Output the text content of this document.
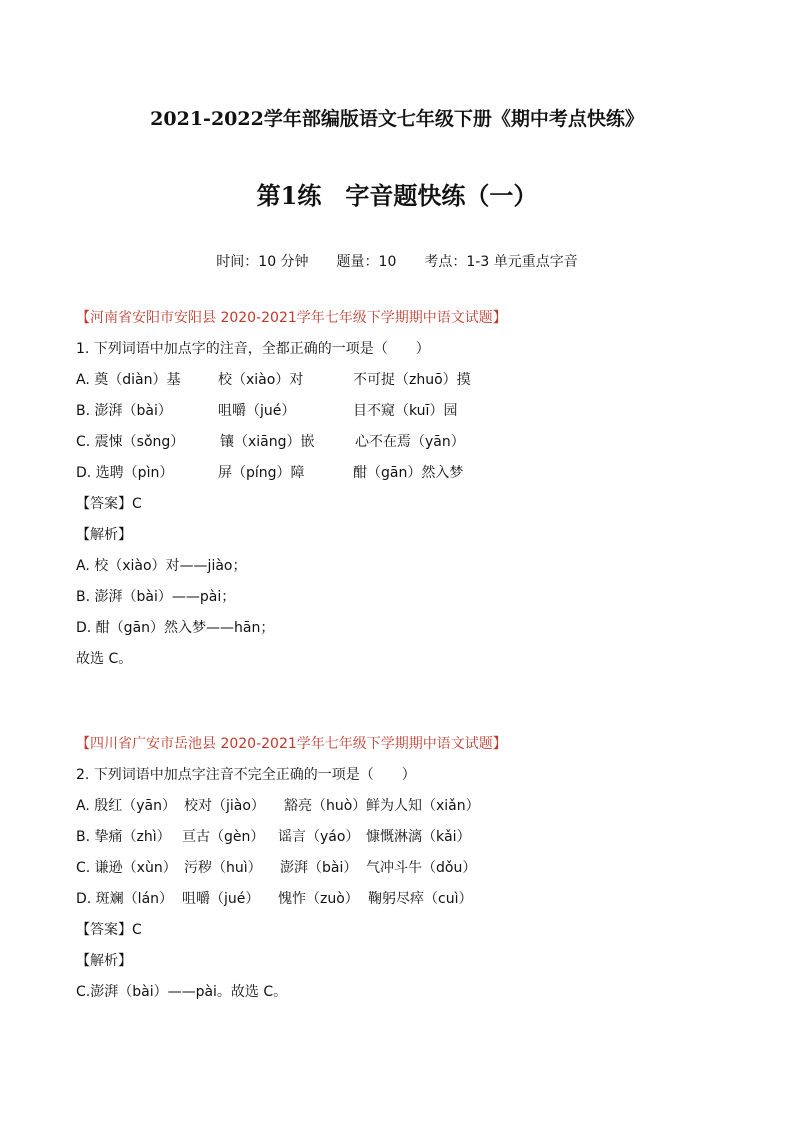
2021-2022学年部编版语文七年级下册《期中考点快练》
第1练　字音题快练（一）
时间：10 分钟 题量：10 考点：1-3 单元重点字音
【河南省安阳市安阳县 2020-2021学年七年级下学期期中语文试题】
1. 下列词语中加点字的注音，全都正确的一项是（　　）
A. 奠（diàn）基	校（xiào）对	不可捉（zhuō）摸
B. 澎湃（bài）	咀嚼（jué）	目不窥（kuī）园
C. 震悚（sǒng）	镶（xiāng）嵌	心不在焉（yān）
D. 选聘（pìn）	屏（píng）障	酣（gān）然入梦
【答案】C
【解析】
A. 校（xiào）对——jiào；
B. 澎湃（bài）——pài；
D. 酣（gān）然入梦——hān；
故选 C。
【四川省广安市岳池县 2020-2021学年七年级下学期期中语文试题】
2. 下列词语中加点字注音不完全正确的一项是（　　）
A. 殷红（yān） 校对（jiào）	豁亮（huò） 鲜为人知（xiǎn）
B. 挚痛（zhì） 亘古（gèn） 谣言（yáo） 慷慨淋漓（kǎi）
C. 谦逊（xùn） 污秽（huì）	澎湃（bài） 气冲斗牛（dǒu）
D. 斑斓（lán） 咀嚼（jué）	愧怍（zuò） 鞠躬尽瘁（cuì）
【答案】C
【解析】
C.澎湃（bài）——pài。故选 C。
